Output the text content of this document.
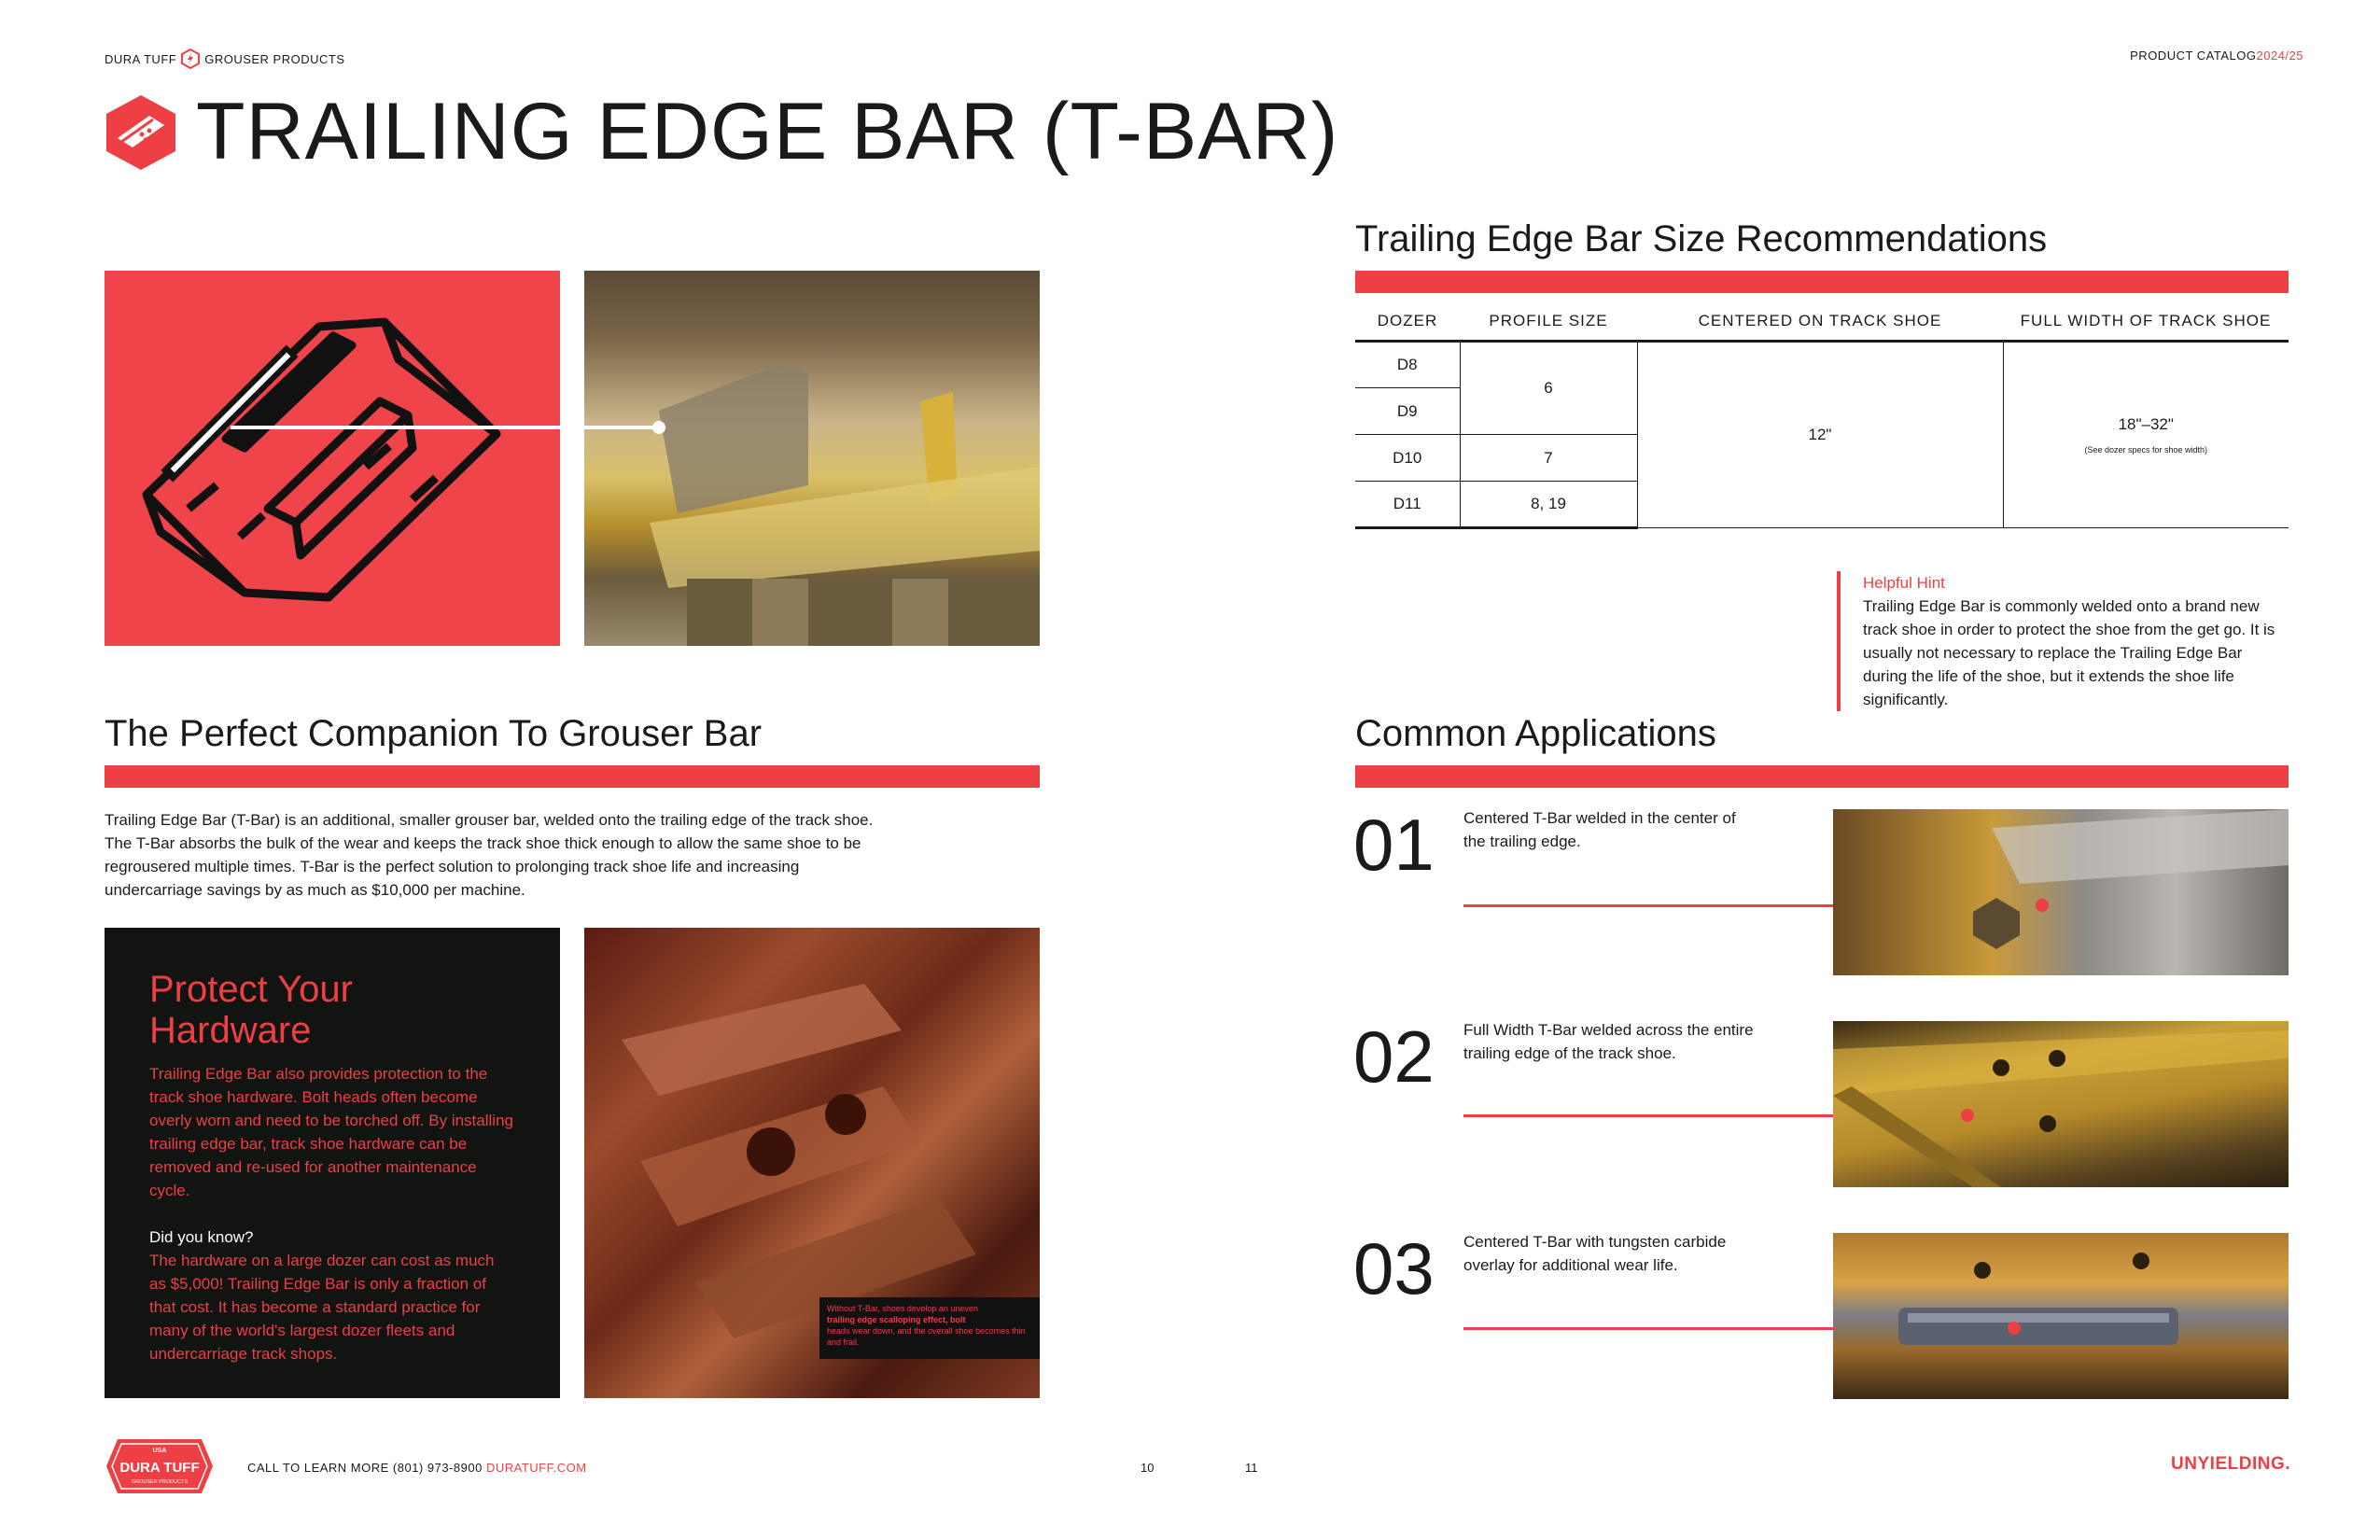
DURA TUFF GROUSER PRODUCTS	PRODUCT CATALOG2024/25
TRAILING EDGE BAR (T-BAR)
The Perfect Companion To Grouser Bar

Trailing Edge Bar (T-Bar) is an additional, smaller grouser bar, welded onto the trailing edge of the track shoe. The T-Bar absorbs the bulk of the wear and keeps the track shoe thick enough to allow the same shoe to be regrousered multiple times. T-Bar is the perfect solution to prolonging track shoe life and increasing undercarriage savings by as much as $10,000 per machine.

Protect Your Hardware

Trailing Edge Bar also provides protection to the track shoe hardware. Bolt heads often become overly worn and need to be torched off. By installing trailing edge bar, track shoe hardware can be removed and re-used for another maintenance cycle.

Did you know?

The hardware on a large dozer can cost as much as $5,000! Trailing Edge Bar is only a fraction of that cost. It has become a standard practice for many of the world's largest dozer fleets and undercarriage track shops.

Without T-Bar, shoes develop an uneven
trailing edge scalloping effect, bolt
heads wear down, and the overall shoe becomes thin and frail.
Trailing Edge Bar Size Recommendations
DOZER	PROFILE SIZE	CENTERED ON TRACK SHOE	FULL WIDTH OF TRACK SHOE
D8	6	12"	18"–32"
(See dozer specs for shoe width)

D9			
D10	7		
D11	8, 19		
Helpful Hint
Trailing Edge Bar is commonly welded onto a brand new track shoe in order to protect the shoe from the get go. It is usually not necessary to replace the Trailing Edge Bar during the life of the shoe, but it extends the shoe life significantly.
Common Applications
01 Centered T-Bar welded in the center of the trailing edge.
02 Full Width T-Bar welded across the entire trailing edge of the track shoe.
03 Centered T-Bar with tungsten carbide overlay for additional wear life.
USA
DURA TUFF
GROUSER PRODUCTS
CALL TO LEARN MORE (801) 973-8900 DURATUFF.COM	10	11	UNYIELDING.
